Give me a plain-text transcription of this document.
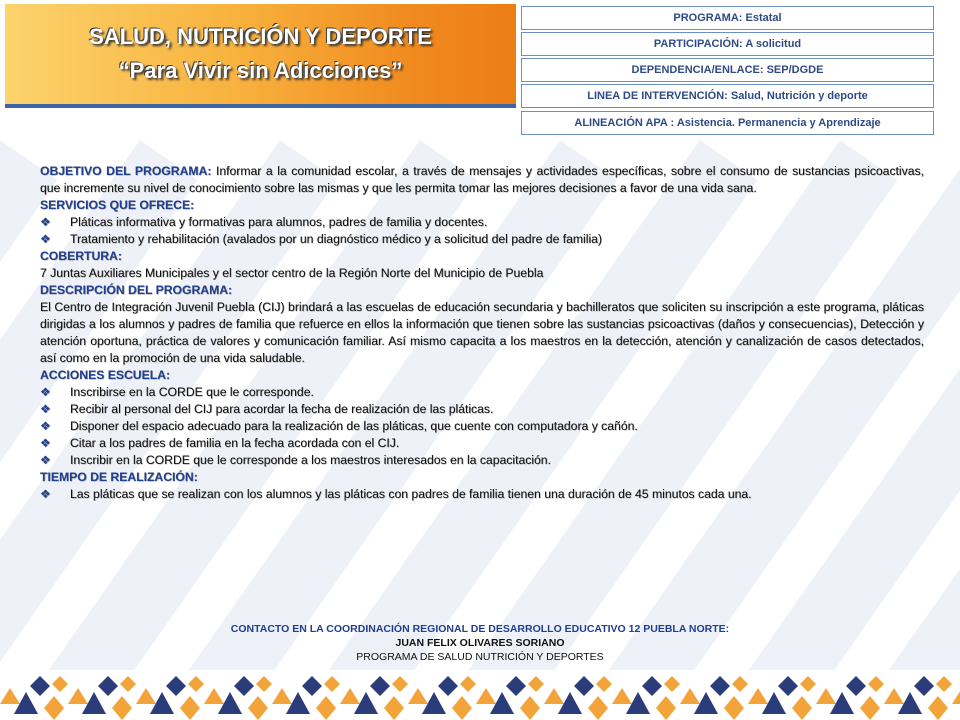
SALUD, NUTRICIÓN Y DEPORTE
“Para Vivir sin Adicciones”
PROGRAMA: Estatal
PARTICIPACIÓN: A solicitud
DEPENDENCIA/ENLACE: SEP/DGDE
LINEA DE INTERVENCIÓN: Salud, Nutrición y deporte
ALINEACIÓN APA : Asistencia. Permanencia y Aprendizaje

OBJETIVO DEL PROGRAMA: Informar a la comunidad escolar, a través de mensajes y actividades específicas, sobre el consumo de sustancias psicoactivas, que incremente su nivel de conocimiento sobre las mismas y que les permita tomar las mejores decisiones a favor de una vida sana.

SERVICIOS QUE OFRECE:
❖	Pláticas informativa y formativas para alumnos, padres de familia y docentes.
❖	Tratamiento y rehabilitación (avalados por un diagnóstico médico y a solicitud del padre de familia)
COBERTURA:

7 Juntas Auxiliares Municipales y el sector centro de la Región Norte del Municipio de Puebla

DESCRIPCIÓN DEL PROGRAMA:

El Centro de Integración Juvenil Puebla (CIJ) brindará a las escuelas de educación secundaria y bachilleratos que soliciten su inscripción a este programa, pláticas dirigidas a los alumnos y padres de familia que refuerce en ellos la información que tienen sobre las sustancias psicoactivas (daños y consecuencias), Detección y atención oportuna, práctica de valores y comunicación familiar. Así mismo capacita a los maestros en la detección, atención y canalización de casos detectados, así como en la promoción de una vida saludable.

ACCIONES ESCUELA:
❖	Inscribirse en la CORDE que le corresponde.
❖	Recibir al personal del CIJ para acordar la fecha de realización de las pláticas.
❖	Disponer del espacio adecuado para la realización de las pláticas, que cuente con computadora y cañón.
❖	Citar a los padres de familia en la fecha acordada con el CIJ.
❖	Inscribir en la CORDE que le corresponde a los maestros interesados en la capacitación.
TIEMPO DE REALIZACIÓN:
❖	Las pláticas que se realizan con los alumnos y las pláticas con padres de familia tienen una duración de 45 minutos cada una.
CONTACTO EN LA COORDINACIÓN REGIONAL DE DESARROLLO EDUCATIVO 12 PUEBLA NORTE:
JUAN FELIX OLIVARES SORIANO
PROGRAMA DE SALUD NUTRICIÓN Y DEPORTES
